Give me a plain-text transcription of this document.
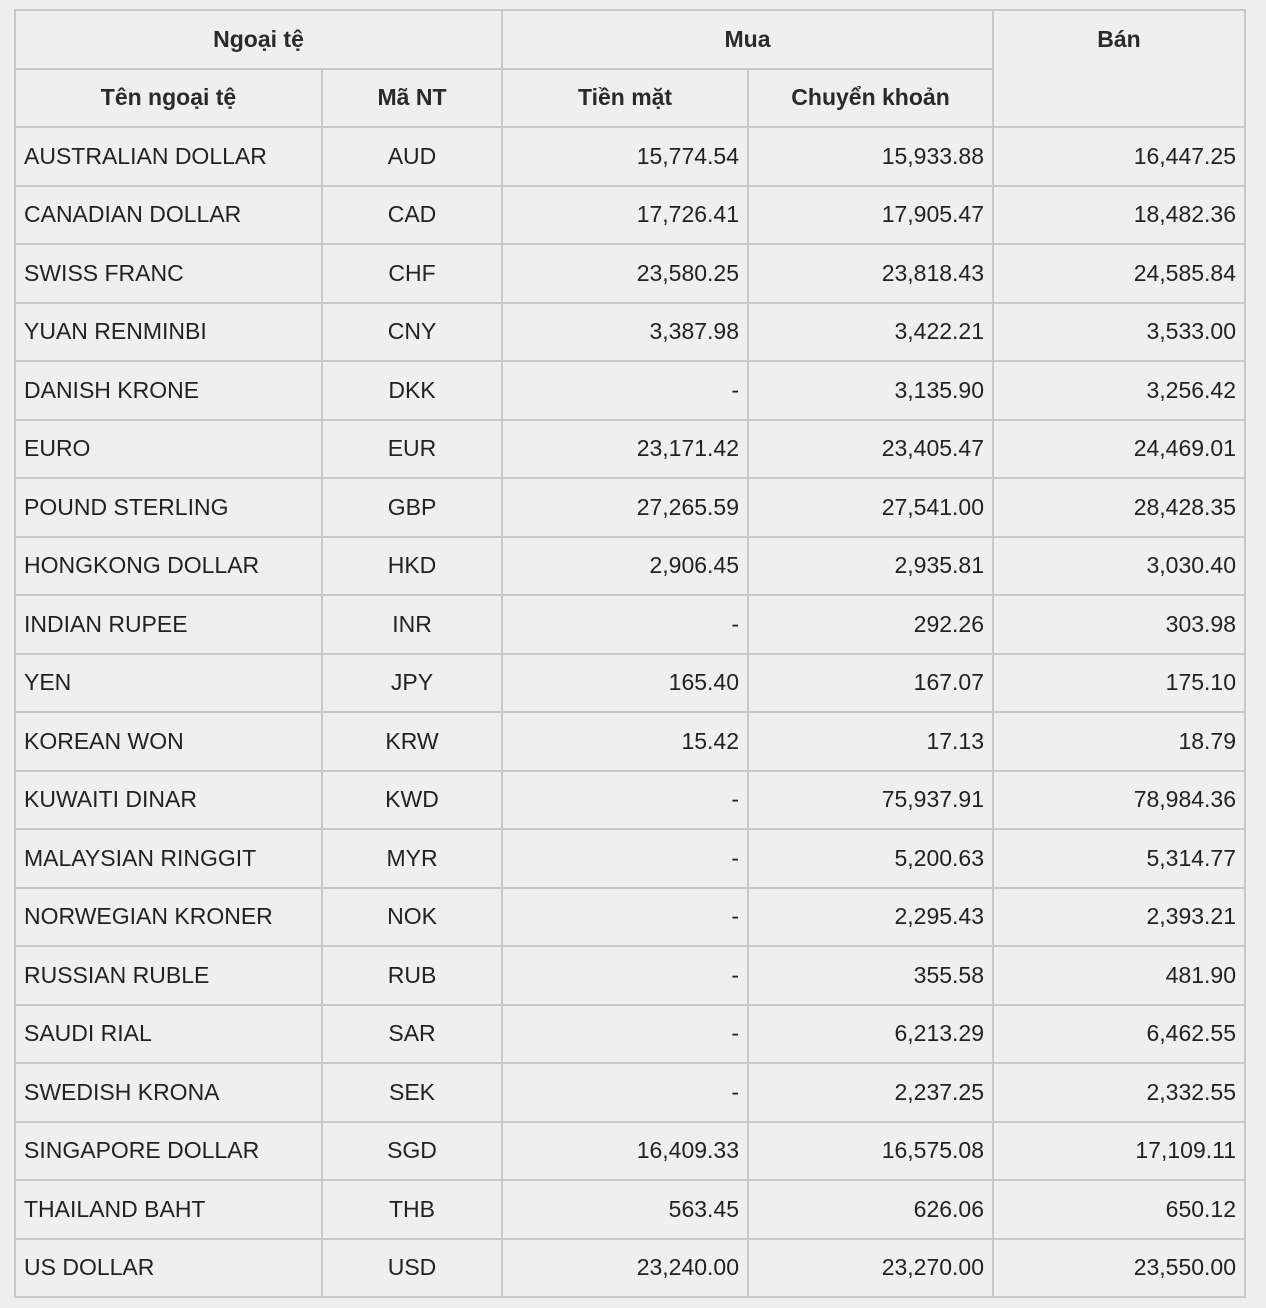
Ngoại tệ		Mua		Bán
Tên ngoại tệ	Mã NT	Tiền mặt	Chuyển khoản	
AUSTRALIAN DOLLAR	AUD	15,774.54	15,933.88	16,447.25
CANADIAN DOLLAR	CAD	17,726.41	17,905.47	18,482.36
SWISS FRANC	CHF	23,580.25	23,818.43	24,585.84
YUAN RENMINBI	CNY	3,387.98	3,422.21	3,533.00
DANISH KRONE	DKK	-	3,135.90	3,256.42
EURO	EUR	23,171.42	23,405.47	24,469.01
POUND STERLING	GBP	27,265.59	27,541.00	28,428.35
HONGKONG DOLLAR	HKD	2,906.45	2,935.81	3,030.40
INDIAN RUPEE	INR	-	292.26	303.98
YEN	JPY	165.40	167.07	175.10
KOREAN WON	KRW	15.42	17.13	18.79
KUWAITI DINAR	KWD	-	75,937.91	78,984.36
MALAYSIAN RINGGIT	MYR	-	5,200.63	5,314.77
NORWEGIAN KRONER	NOK	-	2,295.43	2,393.21
RUSSIAN RUBLE	RUB	-	355.58	481.90
SAUDI RIAL	SAR	-	6,213.29	6,462.55
SWEDISH KRONA	SEK	-	2,237.25	2,332.55
SINGAPORE DOLLAR	SGD	16,409.33	16,575.08	17,109.11
THAILAND BAHT	THB	563.45	626.06	650.12
US DOLLAR	USD	23,240.00	23,270.00	23,550.00
